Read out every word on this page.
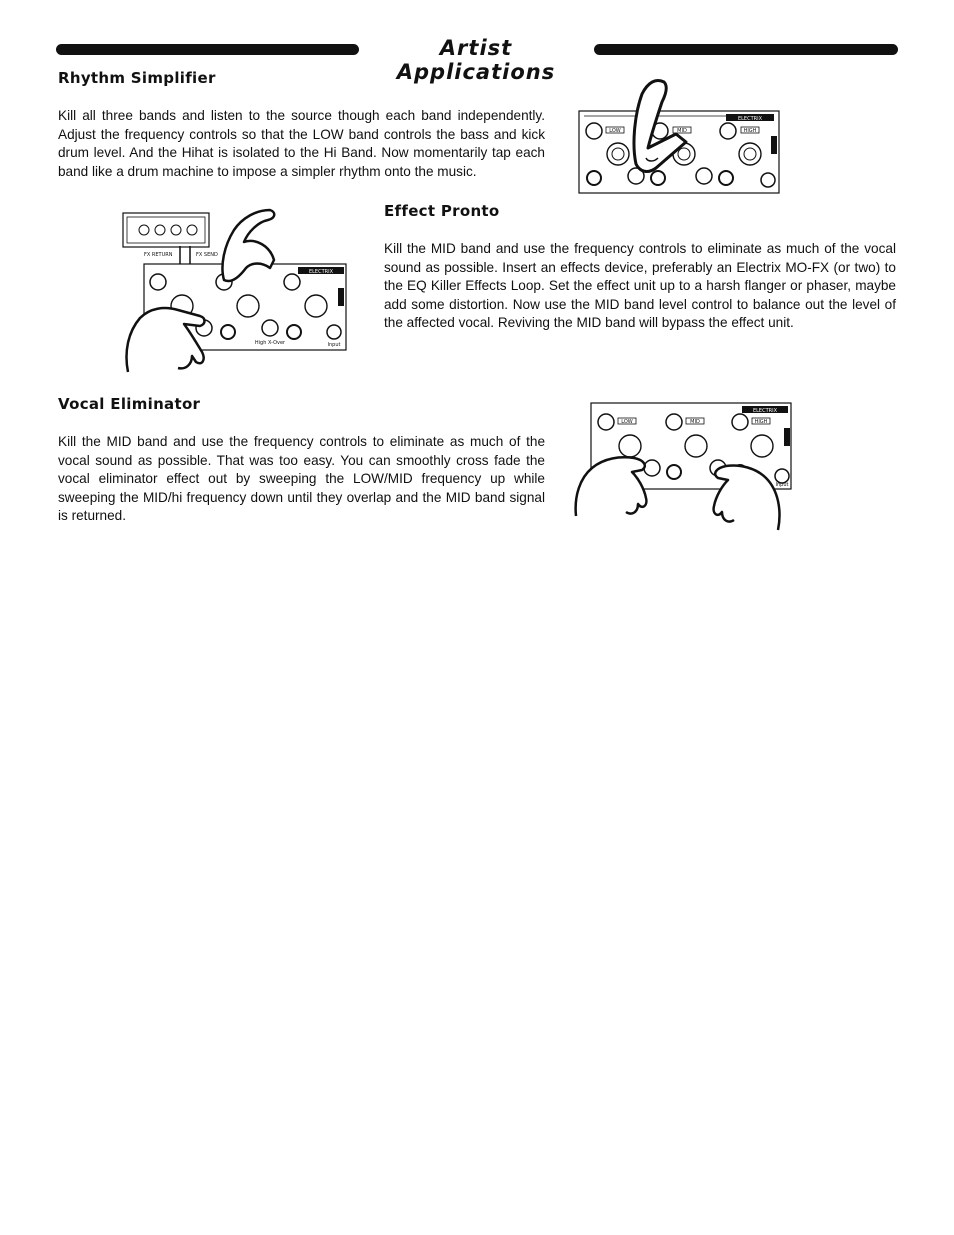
Artist Applications
Rhythm Simplifier

Kill all three bands and listen to the source though each band independently. Adjust the frequency controls so that the LOW band controls the bass and kick drum level. And the Hihat is isolated to the Hi Band. Now momentarily tap each band like a drum machine to impose a simpler rhythm onto the music.

ELECTRIX
LOW	MID	HIGH
FX RETURN	FX SEND
ELECTRIX
High X-Over	Input
Effect Pronto

Kill the MID band and use the frequency controls to eliminate as much of the vocal sound as possible. Insert an effects device, preferably an Electrix MO-FX (or two) to the EQ Killer Effects Loop. Set the effect unit up to a harsh flanger or phaser, maybe add some distortion. Now use the MID band level control to balance out the level of the affected vocal. Reviving the MID band will bypass the effect unit.

Vocal Eliminator

Kill the MID band and use the frequency controls to eliminate as much of the vocal sound as possible. That was too easy. You can smoothly cross fade the vocal eliminator effect out by sweeping the LOW/MID frequency up while sweeping the MID/hi frequency down until they overlap and the MID band signal is returned.

ELECTRIX
LOW	MID	HIGH
Input
